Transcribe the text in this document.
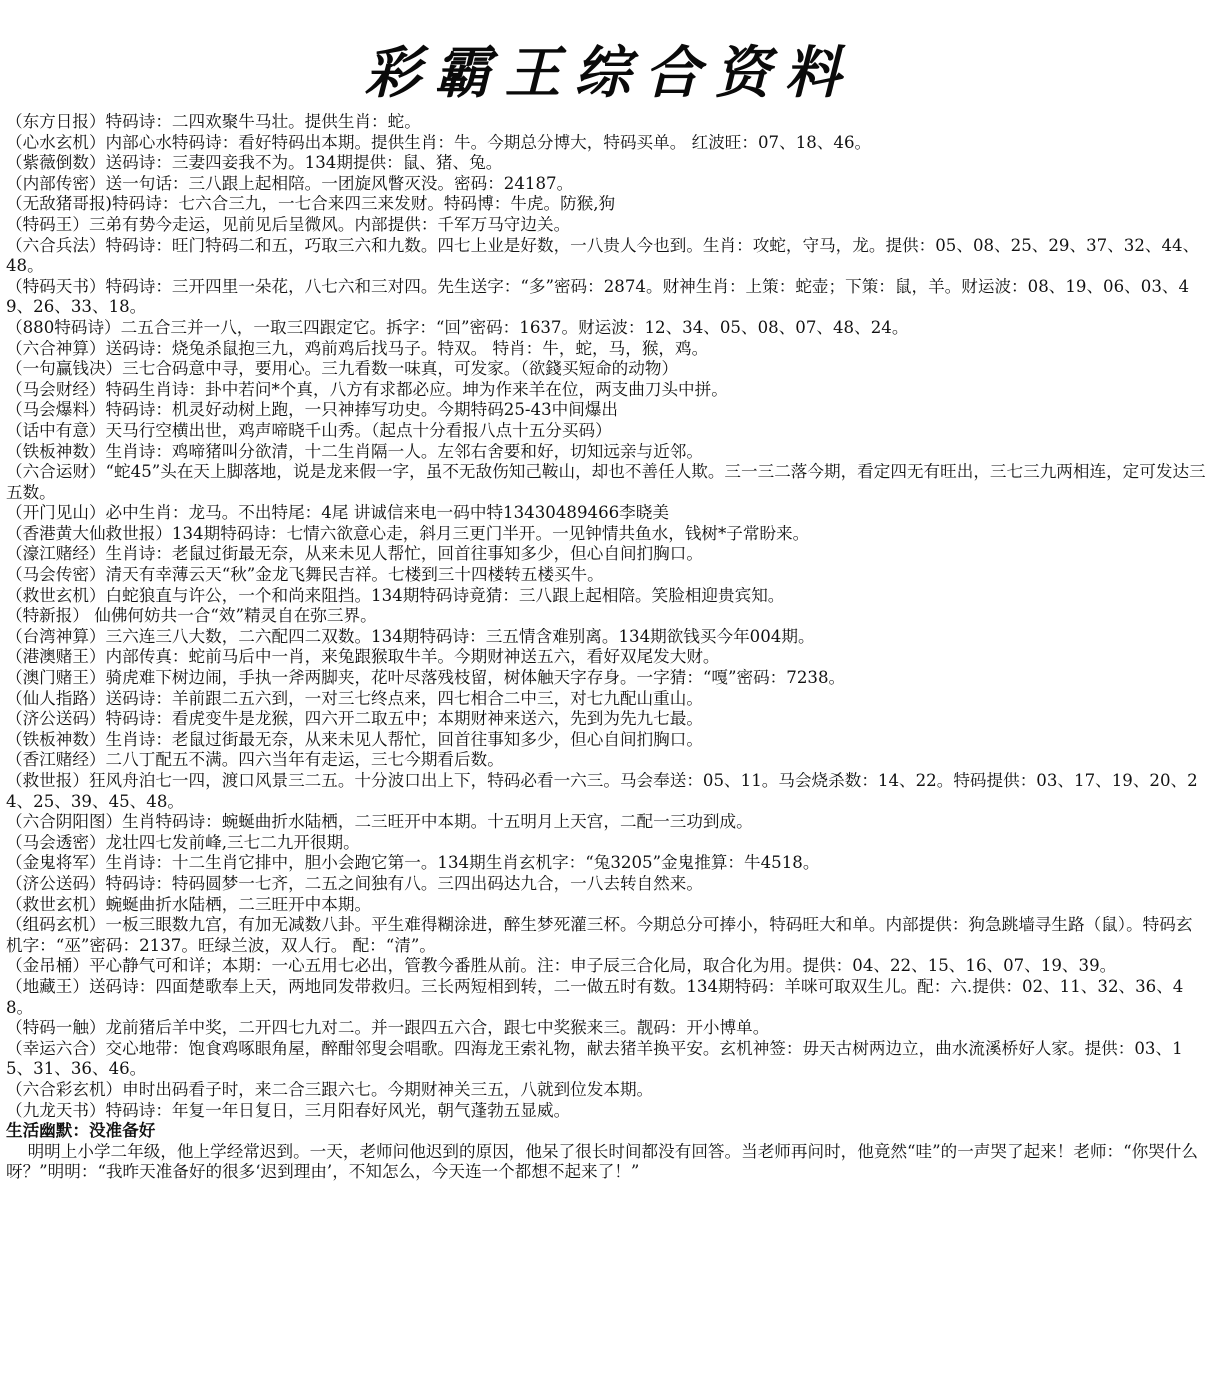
彩霸王综合资料

（东方日报）特码诗：二四欢聚牛马壮。提供生肖：蛇。

（心水玄机）内部心水特码诗：看好特码出本期。提供生肖：牛。今期总分博大，特码买单。 红波旺：07、18、46。

（紫薇倒数）送码诗：三妻四妾我不为。134期提供：鼠、猪、兔。

（内部传密）送一句话：三八跟上起相陪。一团旋风瞥灭没。密码：24187。

（无敌猪哥报)特码诗：七六合三九，一七合来四三来发财。特码博：牛虎。防猴,狗

（特码王）三弟有势今走运，见前见后呈微风。内部提供：千军万马守边关。

（六合兵法）特码诗：旺门特码二和五，巧取三六和九数。四七上业是好数，一八贵人今也到。生肖：攻蛇，守马，龙。提供：05、08、25、29、37、32、44、48。

（特码天书）特码诗：三开四里一朵花，八七六和三对四。先生送字：“多”密码：2874。财神生肖：上策：蛇壶；下策：鼠，羊。财运波：08、19、06、03、49、26、33、18。

（880特码诗）二五合三并一八，一取三四跟定它。拆字：“回”密码：1637。财运波：12、34、05、08、07、48、24。

（六合神算）送码诗：烧兔杀鼠抱三九，鸡前鸡后找马子。特双。 特肖：牛，蛇，马，猴，鸡。

（一句赢钱决）三七合码意中寻，要用心。三九看数一味真，可发家。（欲錢买短命的动物）

（马会财经）特码生肖诗：卦中若问*个真，八方有求都必应。坤为作来羊在位，两支曲刀头中拼。

（马会爆料）特码诗：机灵好动树上跑，一只神捧写功史。今期特码25-43中间爆出

（话中有意）天马行空横出世，鸡声啼晓千山秀。（起点十分看报八点十五分买码）

（铁板神数）生肖诗：鸡啼猪叫分欲清，十二生肖隔一人。左邻右舍要和好，切知远亲与近邻。

（六合运财）“蛇45”头在天上脚落地，说是龙来假一字，虽不无敌伤知己鞍山，却也不善任人欺。三一三二落今期，看定四无有旺出，三七三九两相连，定可发达三五数。

（开门见山）必中生肖：龙马。不出特尾：4尾 讲诚信来电一码中特13430489466李晓美

（香港黄大仙救世报）134期特码诗：七情六欲意心走，斜月三更门半开。一见钟情共鱼水，钱树*子常盼来。

（濠江赌经）生肖诗：老鼠过街最无奈，从来未见人帮忙，回首往事知多少，但心自间扪胸口。

（马会传密）清天有幸薄云天“秋”金龙飞舞民吉祥。七楼到三十四楼转五楼买牛。

（救世玄机）白蛇狼直与许公，一个和尚来阻挡。134期特码诗竟猜：三八跟上起相陪。笑脸相迎贵宾知。

（特新报） 仙佛何妨共一合“效”精灵自在弥三界。

（台湾神算）三六连三八大数，二六配四二双数。134期特码诗：三五情含难别离。134期欲钱买今年004期。

（港澳赌王）内部传真：蛇前马后中一肖，来兔跟猴取牛羊。今期财神送五六，看好双尾发大财。

（澳门赌王）骑虎难下树边闹，手执一斧两脚夹，花叶尽落残枝留，树体触天字存身。一字猜：“嘎”密码：7238。

（仙人指路）送码诗：羊前跟二五六到，一对三七终点来，四七相合二中三，对七九配山重山。

（济公送码）特码诗：看虎变牛是龙猴，四六开二取五中；本期财神来送六，先到为先九七最。

（铁板神数）生肖诗：老鼠过街最无奈，从来未见人帮忙，回首往事知多少，但心自间扪胸口。

（香江赌经）二八丁配五不满。四六当年有走运，三七今期看后数。

（救世报）狂风舟泊七一四，渡口风景三二五。十分波口出上下，特码必看一六三。马会奉送：05、11。马会烧杀数：14、22。特码提供：03、17、19、20、24、25、39、45、48。

（六合阴阳图）生肖特码诗：蜿蜒曲折水陆栖，二三旺开中本期。十五明月上天宫，二配一三功到成。

（马会透密）龙壮四七发前峰,三七二九开很期。

（金鬼将军）生肖诗：十二生肖它排中，胆小会跑它第一。134期生肖玄机字：“兔3205”金鬼推算：牛4518。

（济公送码）特码诗：特码圆梦一七齐，二五之间独有八。三四出码达九合，一八去转自然来。

（救世玄机）蜿蜒曲折水陆栖，二三旺开中本期。

（组码玄机）一板三眼数九宫，有加无减数八卦。平生难得糊涂进，醉生梦死灌三杯。今期总分可捧小，特码旺大和单。内部提供：狗急跳墙寻生路（鼠）。特码玄机字：“巫”密码：2137。旺绿兰波，双人行。 配：“清”。

（金吊桶）平心静气可和详；本期：一心五用七必出，管教今番胜从前。注：申子辰三合化局，取合化为用。提供：04、22、15、16、07、19、39。

（地藏王）送码诗：四面楚歌奉上天，两地同发带救归。三长两短相到转，二一做五时有数。134期特码：羊咪可取双生儿。配：六.提供：02、11、32、36、48。

（特码一触）龙前猪后羊中奖，二开四七九对二。并一跟四五六合，跟七中奖猴来三。靓码：开小博单。

（幸运六合）交心地带：饱食鸡啄眼角屋，醉酣邻叟会唱歌。四海龙王索礼物，献去猪羊换平安。玄机神签：毋天古树两边立，曲水流溪桥好人家。提供：03、15、31、36、46。

（六合彩玄机）申时出码看子时，来二合三跟六七。今期财神关三五，八就到位发本期。

（九龙天书）特码诗：年复一年日复日，三月阳春好风光，朝气蓬勃五显威。

生活幽默：没准备好

明明上小学二年级，他上学经常迟到。一天，老师问他迟到的原因，他呆了很长时间都没有回答。当老师再问时，他竟然“哇”的一声哭了起来！老师：“你哭什么呀？”明明：“我昨天准备好的很多‘迟到理由’，不知怎么，今天连一个都想不起来了！”
